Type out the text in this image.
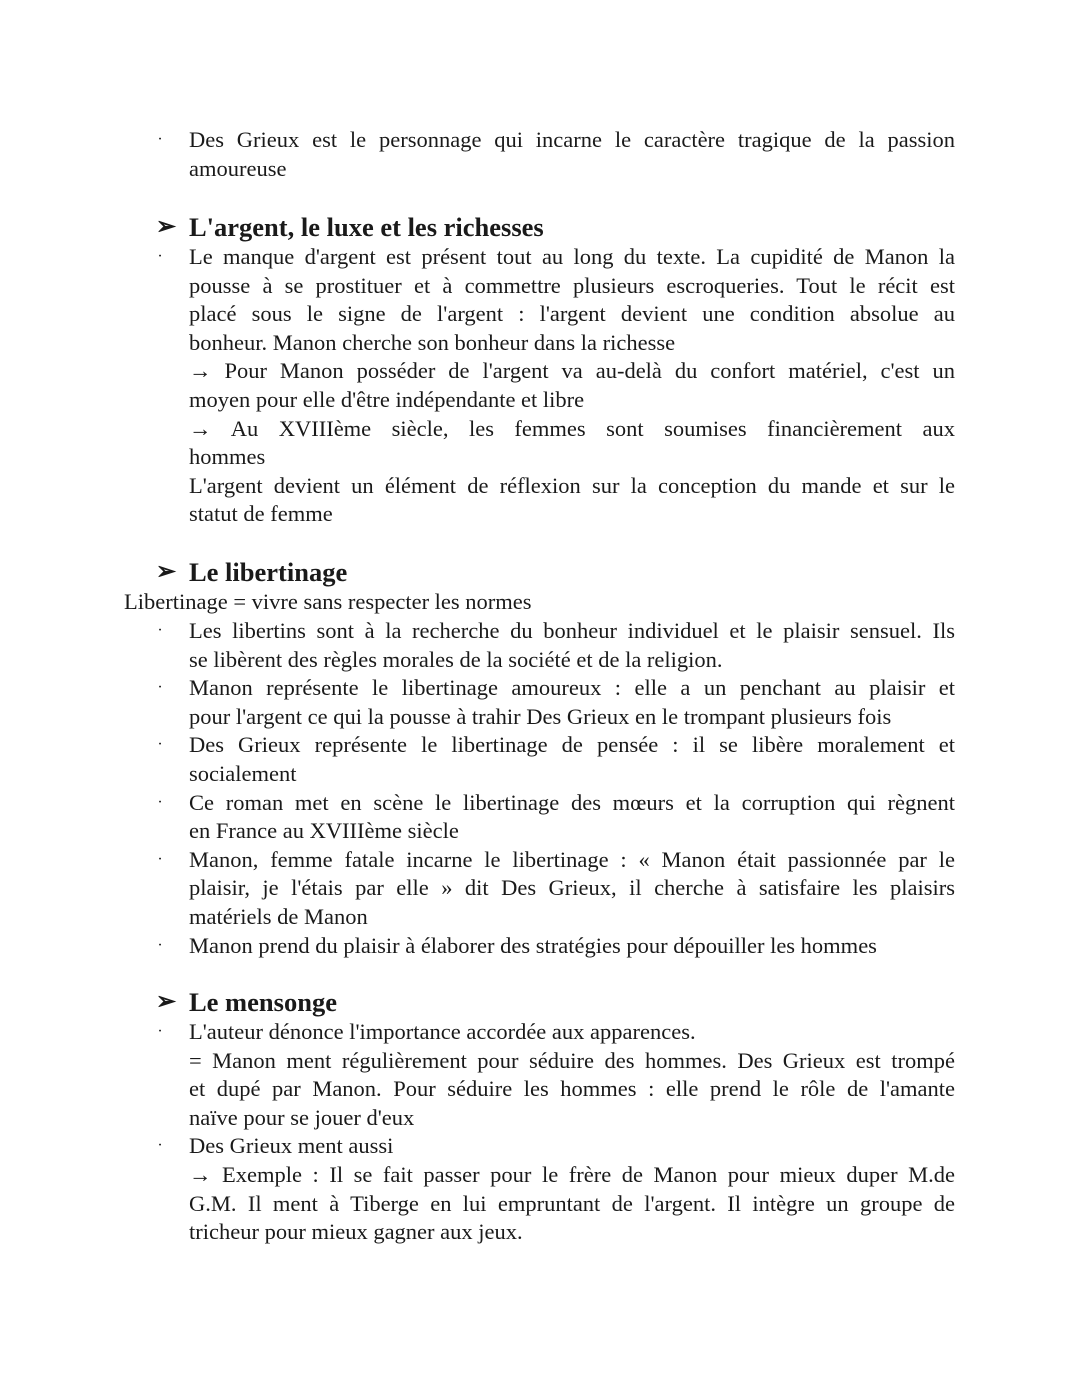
· Des Grieux est le personnage qui incarne le caractère tragique de la passion
amoureuse
➢ L'argent, le luxe et les richesses
· Le manque d'argent est présent tout au long du texte. La cupidité de Manon la
pousse à se prostituer et à commettre plusieurs escroqueries. Tout le récit est
placé sous le signe de l'argent : l'argent devient une condition absolue au
bonheur. Manon cherche son bonheur dans la richesse
→ Pour Manon posséder de l'argent va au-delà du confort matériel, c'est un
moyen pour elle d'être indépendante et libre
→ Au XVIIIème siècle, les femmes sont soumises financièrement aux
hommes
L'argent devient un élément de réflexion sur la conception du mande et sur le
statut de femme
➢ Le libertinage
Libertinage = vivre sans respecter les normes
· Les libertins sont à la recherche du bonheur individuel et le plaisir sensuel. Ils
se libèrent des règles morales de la société et de la religion.
· Manon représente le libertinage amoureux : elle a un penchant au plaisir et
pour l'argent ce qui la pousse à trahir Des Grieux en le trompant plusieurs fois
· Des Grieux représente le libertinage de pensée : il se libère moralement et
socialement
· Ce roman met en scène le libertinage des mœurs et la corruption qui règnent
en France au XVIIIème siècle
· Manon, femme fatale incarne le libertinage : « Manon était passionnée par le
plaisir, je l'étais par elle » dit Des Grieux, il cherche à satisfaire les plaisirs
matériels de Manon
· Manon prend du plaisir à élaborer des stratégies pour dépouiller les hommes
➢ Le mensonge
· L'auteur dénonce l'importance accordée aux apparences.
= Manon ment régulièrement pour séduire des hommes. Des Grieux est trompé
et dupé par Manon. Pour séduire les hommes : elle prend le rôle de l'amante
naïve pour se jouer d'eux
· Des Grieux ment aussi
→ Exemple : Il se fait passer pour le frère de Manon pour mieux duper M.de
G.M. Il ment à Tiberge en lui empruntant de l'argent. Il intègre un groupe de
tricheur pour mieux gagner aux jeux.
